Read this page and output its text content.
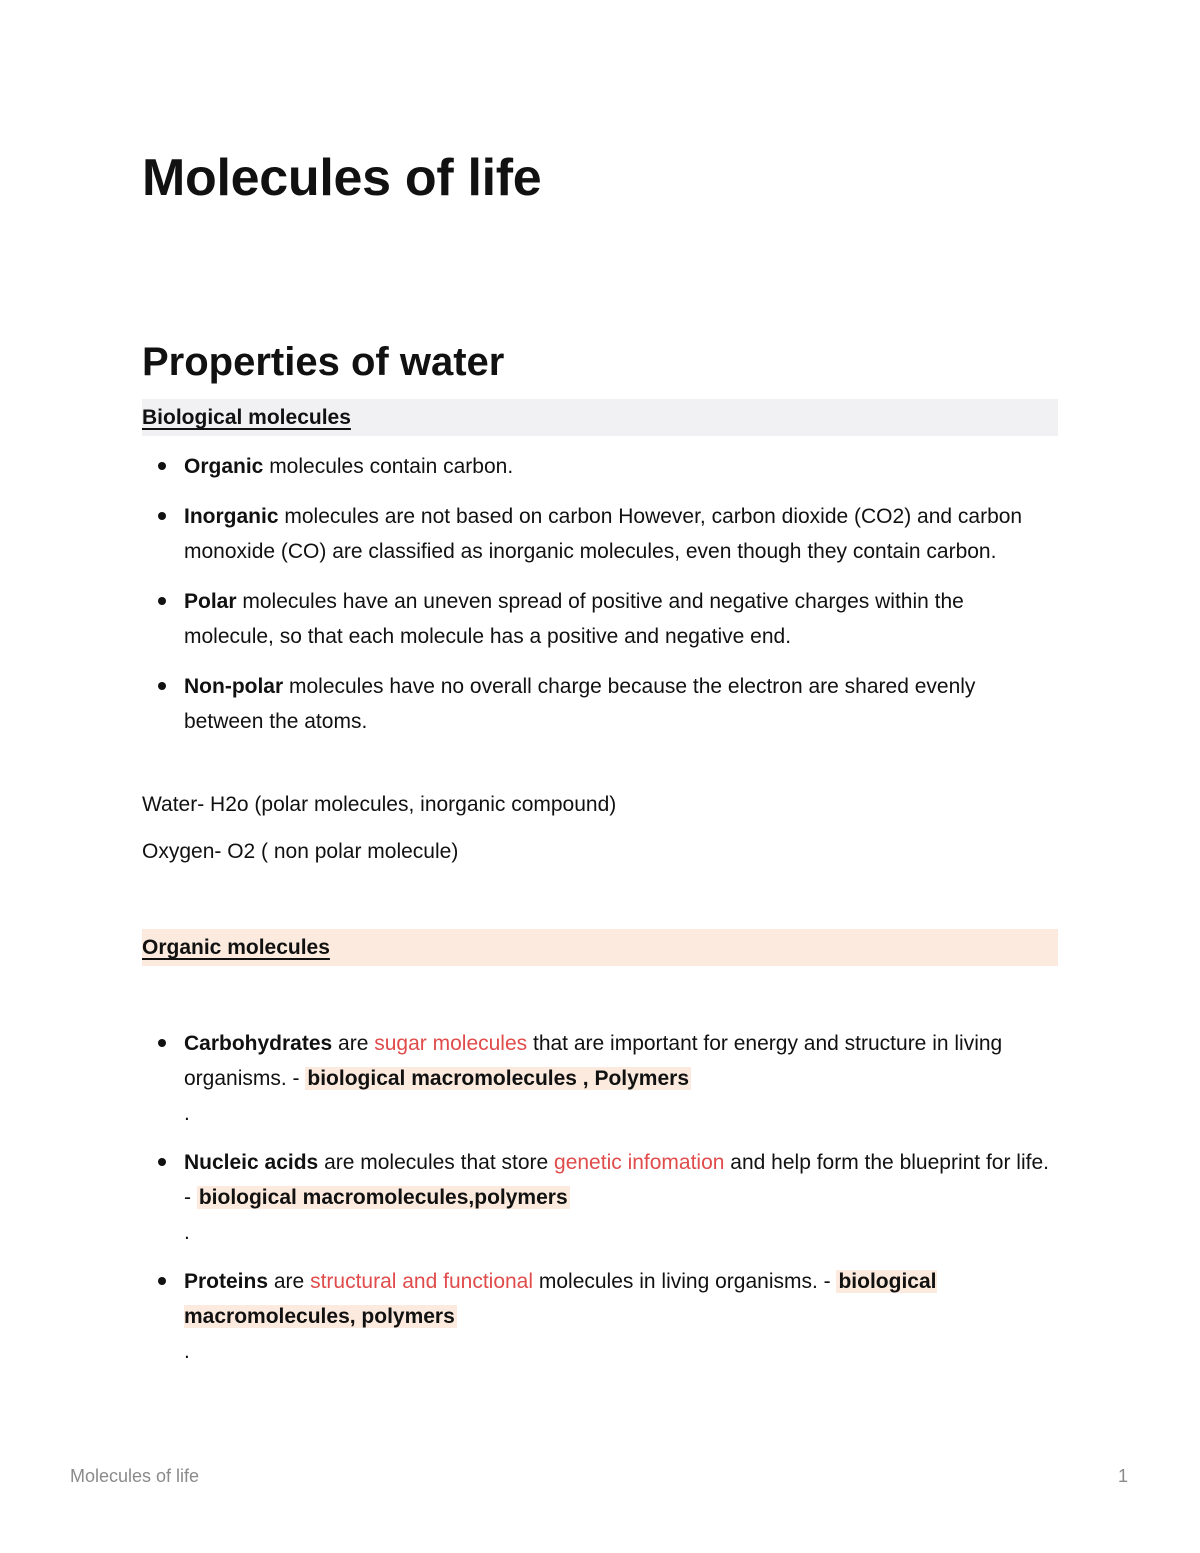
Molecules of life
Properties of water
Biological molecules
Organic molecules contain carbon.
Inorganic molecules are not based on carbon However, carbon dioxide (CO2) and carbon monoxide (CO) are classified as inorganic molecules, even though they contain carbon.
Polar molecules have an uneven spread of positive and negative charges within the molecule, so that each molecule has a positive and negative end.
Non-polar molecules have no overall charge because the electron are shared evenly between the atoms.

Water- H2o (polar molecules, inorganic compound)

Oxygen- O2 ( non polar molecule)

Organic molecules
Carbohydrates are sugar molecules that are important for energy and structure in living organisms. - biological macromolecules , Polymers
.
Nucleic acids are molecules that store genetic infomation and help form the blueprint for life. - biological macromolecules,polymers
.
Proteins are structural and functional molecules in living organisms. - biological macromolecules, polymers
.
Molecules of life	1
